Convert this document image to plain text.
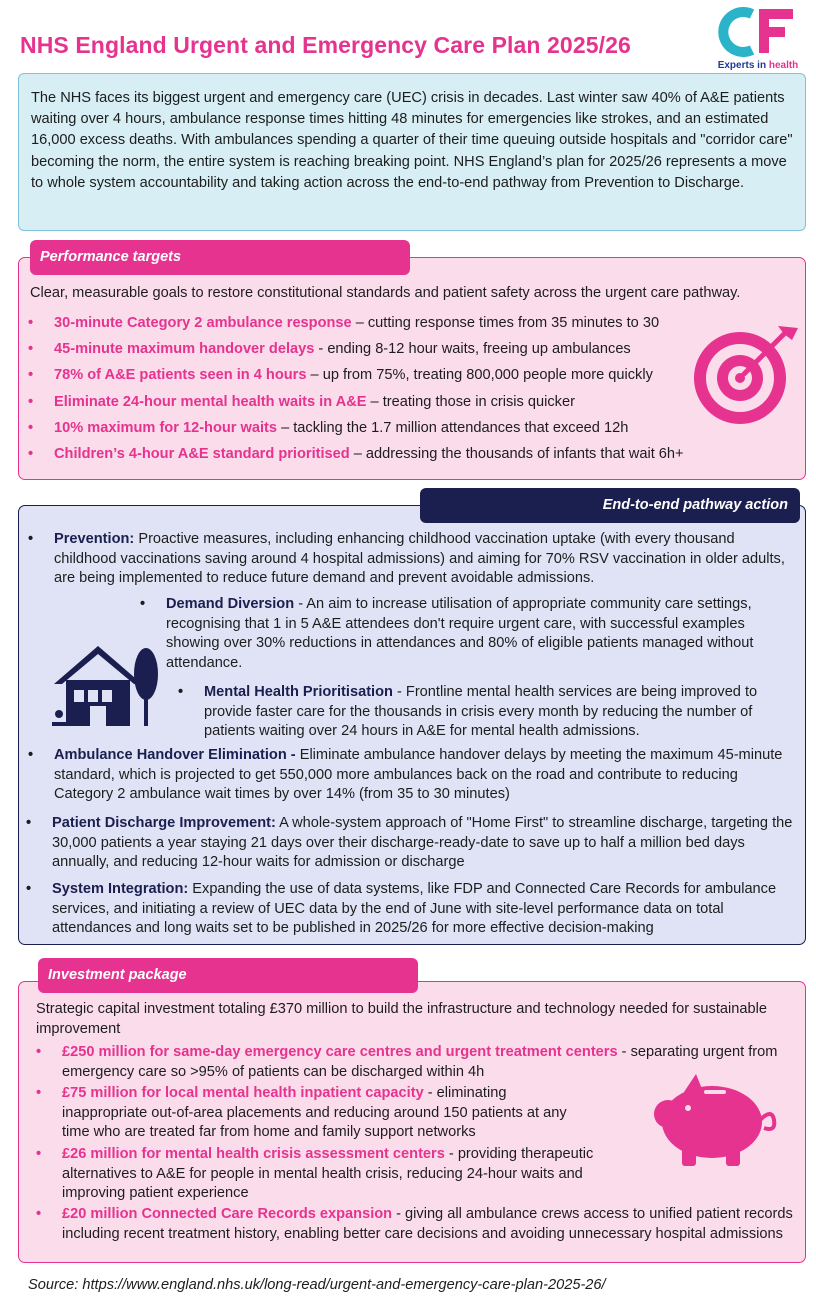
NHS England Urgent and Emergency Care Plan 2025/26
Experts in health
The NHS faces its biggest urgent and emergency care (UEC) crisis in decades. Last winter saw 40% of A&E patients waiting over 4 hours, ambulance response times hitting 48 minutes for emergencies like strokes, and an estimated 16,000 excess deaths. With ambulances spending a quarter of their time queuing outside hospitals and "corridor care" becoming the norm, the entire system is reaching breaking point. NHS England’s plan for 2025/26 represents a move to whole system accountability and taking action across the end-to-end pathway from Prevention to Discharge.
Performance targets
Clear, measurable goals to restore constitutional standards and patient safety across the urgent care pathway.
• 30-minute Category 2 ambulance response – cutting response times from 35 minutes to 30
• 45-minute maximum handover delays - ending 8-12 hour waits, freeing up ambulances
• 78% of A&E patients seen in 4 hours – up from 75%, treating 800,000 people more quickly
• Eliminate 24-hour mental health waits in A&E – treating those in crisis quicker
• 10% maximum for 12-hour waits – tackling the 1.7 million attendances that exceed 12h
• Children’s 4-hour A&E standard prioritised – addressing the thousands of infants that wait 6h+
End-to-end pathway action
• Prevention: Proactive measures, including enhancing childhood vaccination uptake (with every thousand childhood vaccinations saving around 4 hospital admissions) and aiming for 70% RSV vaccination in older adults, are being implemented to reduce future demand and prevent avoidable admissions.
• Demand Diversion - An aim to increase utilisation of appropriate community care settings, recognising that 1 in 5 A&E attendees don't require urgent care, with successful examples showing over 30% reductions in attendances and 80% of eligible patients managed without attendance.
• Mental Health Prioritisation - Frontline mental health services are being improved to provide faster care for the thousands in crisis every month by reducing the number of patients waiting over 24 hours in A&E for mental health admissions.
• Ambulance Handover Elimination - Eliminate ambulance handover delays by meeting the maximum 45-minute standard, which is projected to get 550,000 more ambulances back on the road and contribute to reducing Category 2 ambulance wait times by over 14% (from 35 to 30 minutes)
• Patient Discharge Improvement: A whole-system approach of "Home First" to streamline discharge, targeting the 30,000 patients a year staying 21 days over their discharge-ready-date to save up to half a million bed days annually, and reducing 12-hour waits for admission or discharge
• System Integration: Expanding the use of data systems, like FDP and Connected Care Records for ambulance services, and initiating a review of UEC data by the end of June with site-level performance data on total attendances and long waits set to be published in 2025/26 for more effective decision-making
Investment package
Strategic capital investment totaling £370 million to build the infrastructure and technology needed for sustainable improvement
• £250 million for same-day emergency care centres and urgent treatment centers - separating urgent from emergency care so >95% of patients can be discharged within 4h
• £75 million for local mental health inpatient capacity - eliminating inappropriate out-of-area placements and reducing around 150 patients at any time who are treated far from home and family support networks
• £26 million for mental health crisis assessment centers - providing therapeutic alternatives to A&E for people in mental health crisis, reducing 24-hour waits and improving patient experience
• £20 million Connected Care Records expansion - giving all ambulance crews access to unified patient records including recent treatment history, enabling better care decisions and avoiding unnecessary hospital admissions
Source: https://www.england.nhs.uk/long-read/urgent-and-emergency-care-plan-2025-26/
